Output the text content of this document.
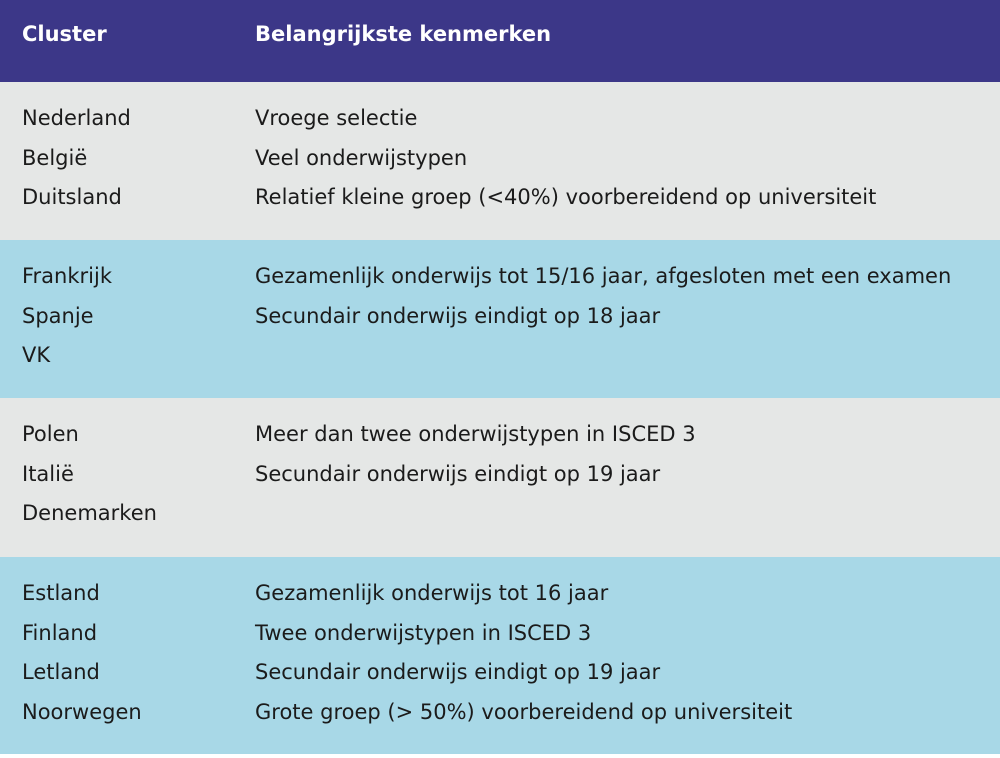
Cluster	Belangrijkste kenmerken
Nederland
België
Duitsland
Vroege selectie
Veel onderwijstypen
Relatief kleine groep (<40%) voorbereidend op universiteit
Frankrijk
Spanje
VK
Gezamenlijk onderwijs tot 15/16 jaar, afgesloten met een examen
Secundair onderwijs eindigt op 18 jaar
Polen
Italië
Denemarken
Meer dan twee onderwijstypen in ISCED 3
Secundair onderwijs eindigt op 19 jaar
Estland
Finland
Letland
Noorwegen
Gezamenlijk onderwijs tot 16 jaar
Twee onderwijstypen in ISCED 3
Secundair onderwijs eindigt op 19 jaar
Grote groep (> 50%) voorbereidend op universiteit
